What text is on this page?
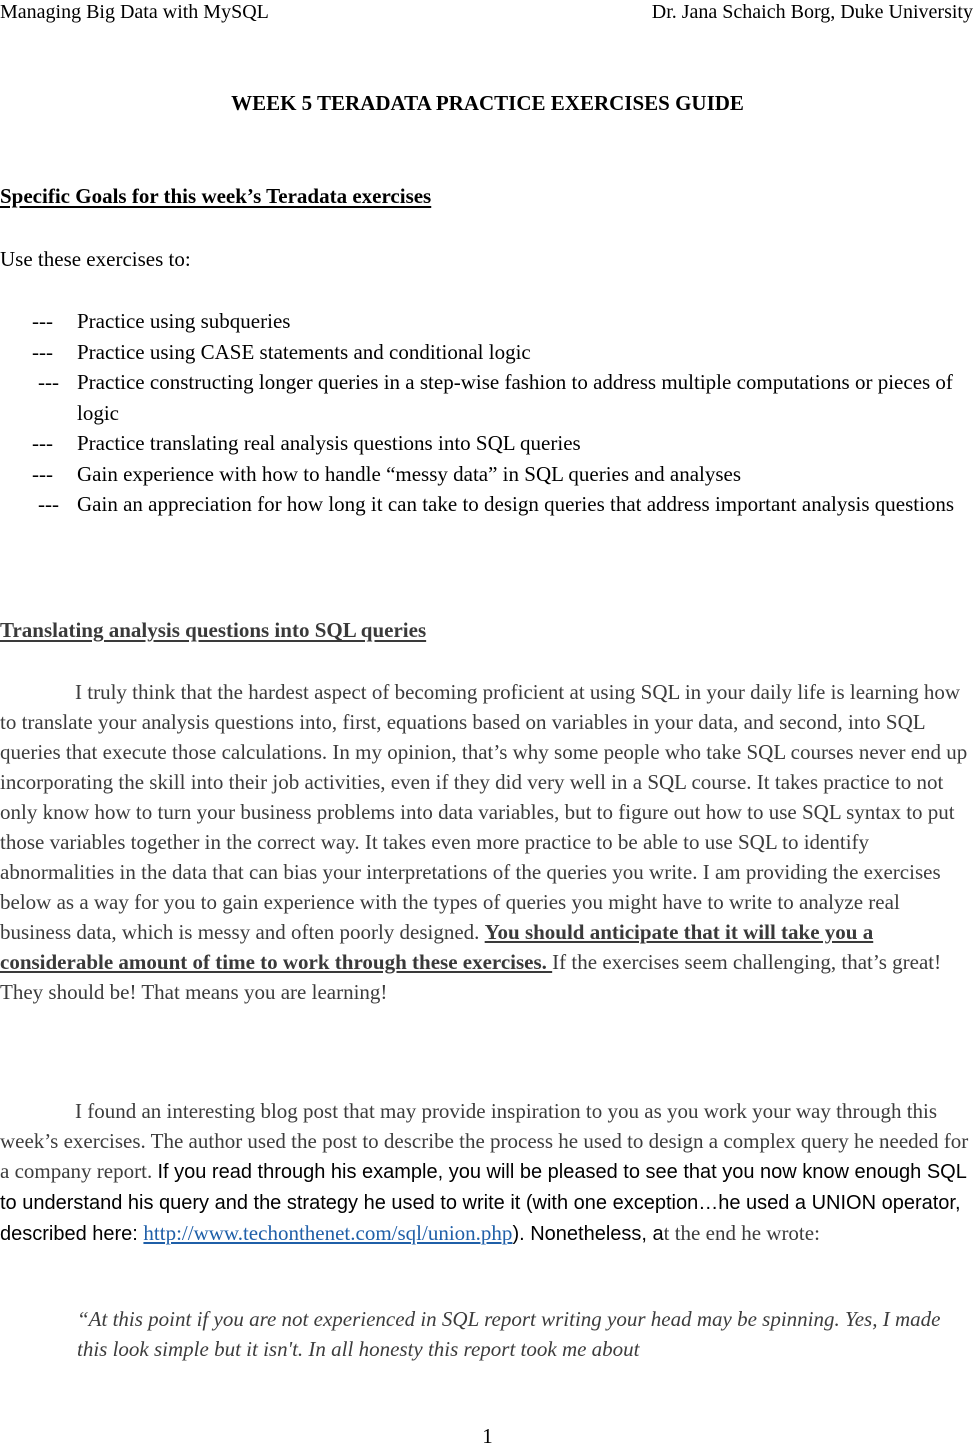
Managing Big Data with MySQL	Dr. Jana Schaich Borg, Duke University
WEEK 5 TERADATA PRACTICE EXERCISES GUIDE
Specific Goals for this week’s Teradata exercises
Use these exercises to:
--- Practice using subqueries
--- Practice using CASE statements and conditional logic
--- Practice constructing longer queries in a step-wise fashion to address multiple computations or pieces of logic
--- Practice translating real analysis questions into SQL queries
--- Gain experience with how to handle “messy data” in SQL queries and analyses
--- Gain an appreciation for how long it can take to design queries that address important analysis questions
Translating analysis questions into SQL queries

I truly think that the hardest aspect of becoming proficient at using SQL in your daily life is learning how to translate your analysis questions into, first, equations based on variables in your data, and second, into SQL queries that execute those calculations. In my opinion, that’s why some people who take SQL courses never end up incorporating the skill into their job activities, even if they did very well in a SQL course. It takes practice to not only know how to turn your business problems into data variables, but to figure out how to use SQL syntax to put those variables together in the correct way. It takes even more practice to be able to use SQL to identify abnormalities in the data that can bias your interpretations of the queries you write. I am providing the exercises below as a way for you to gain experience with the types of queries you might have to write to analyze real business data, which is messy and often poorly designed. You should anticipate that it will take you a considerable amount of time to work through these exercises. If the exercises seem challenging, that’s great! They should be! That means you are learning!

I found an interesting blog post that may provide inspiration to you as you work your way through this week’s exercises. The author used the post to describe the process he used to design a complex query he needed for a company report. If you read through his example, you will be pleased to see that you now know enough SQL to understand his query and the strategy he used to write it (with one exception…he used a UNION operator, described here: http://www.techonthenet.com/sql/union.php). Nonetheless, at the end he wrote:

“At this point if you are not experienced in SQL report writing your head may be spinning. Yes, I made this look simple but it isn't. In all honesty this report took me about

1
